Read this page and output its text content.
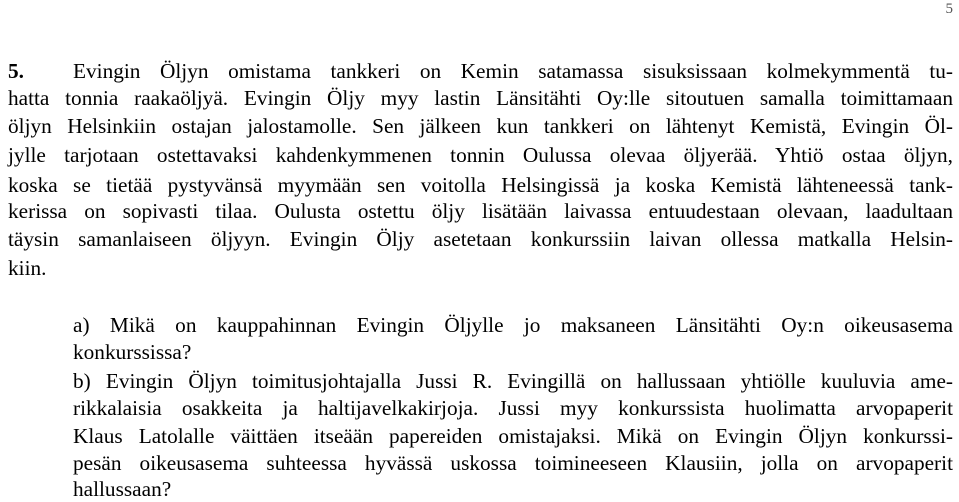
5
5. Evingin Öljyn omistama tankkeri on Kemin satamassa sisuksissaan kolmekymmentä tu-
hatta tonnia raakaöljyä. Evingin Öljy myy lastin Länsitähti Oy:lle sitoutuen samalla toimittamaan
öljyn Helsinkiin ostajan jalostamolle. Sen jälkeen kun tankkeri on lähtenyt Kemistä, Evingin Öl-
jylle tarjotaan ostettavaksi kahdenkymmenen tonnin Oulussa olevaa öljyerää. Yhtiö ostaa öljyn,
koska se tietää pystyvänsä myymään sen voitolla Helsingissä ja koska Kemistä lähteneessä tank-
kerissa on sopivasti tilaa. Oulusta ostettu öljy lisätään laivassa entuudestaan olevaan, laadultaan
täysin samanlaiseen öljyyn. Evingin Öljy asetetaan konkurssiin laivan ollessa matkalla Helsin-
kiin.
a) Mikä on kauppahinnan Evingin Öljylle jo maksaneen Länsitähti Oy:n oikeusasema
konkurssissa?
b) Evingin Öljyn toimitusjohtajalla Jussi R. Evingillä on hallussaan yhtiölle kuuluvia ame-
rikkalaisia osakkeita ja haltijavelkakirjoja. Jussi myy konkurssista huolimatta arvopaperit
Klaus Latolalle väittäen itseään papereiden omistajaksi. Mikä on Evingin Öljyn konkurssi-
pesän oikeusasema suhteessa hyvässä uskossa toimineeseen Klausiin, jolla on arvopaperit
hallussaan?
